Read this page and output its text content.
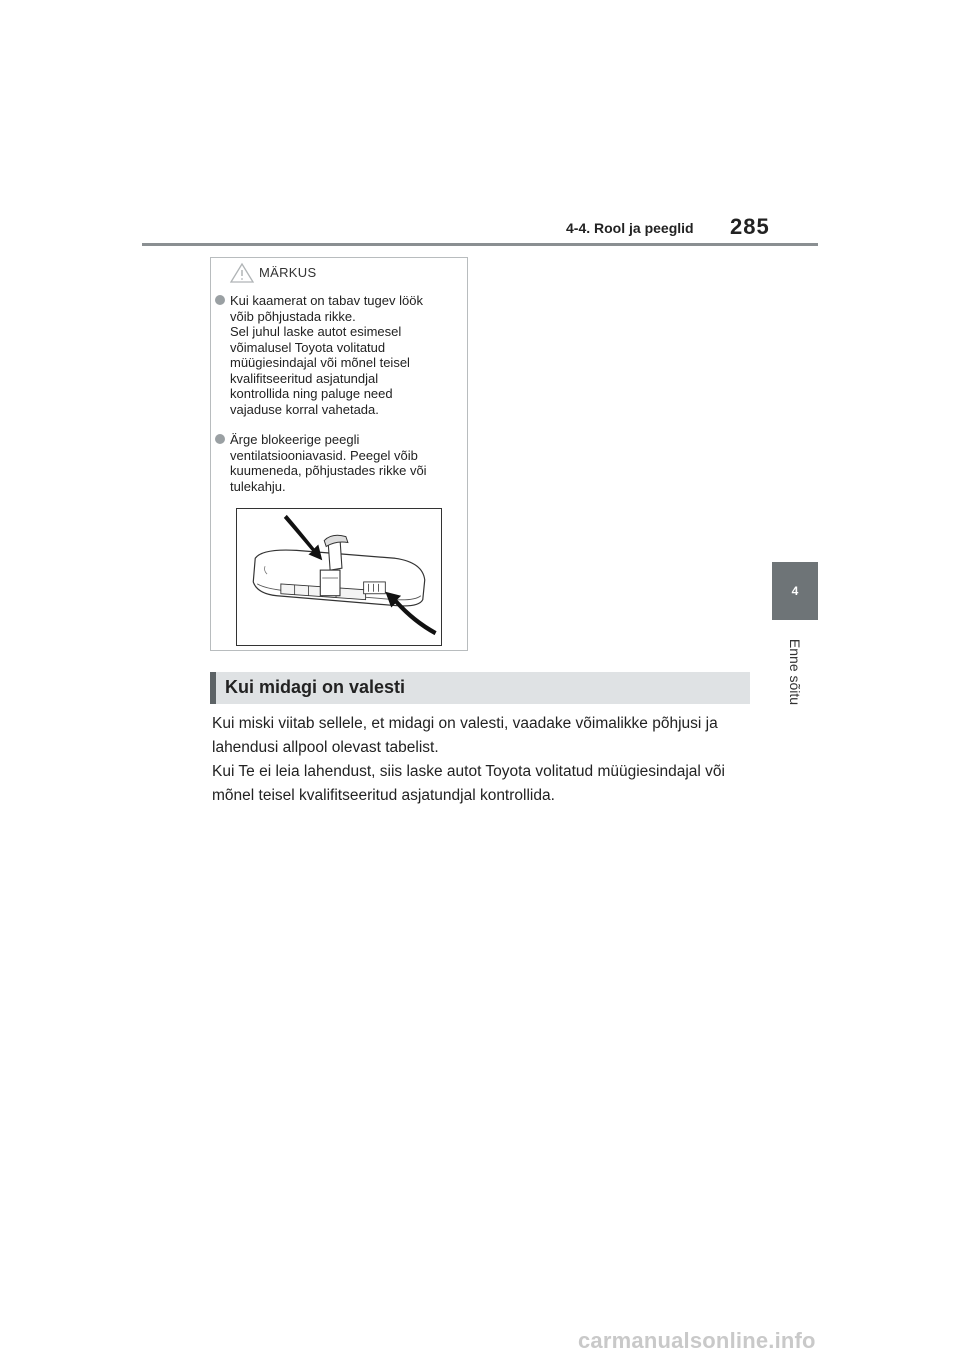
4-4. Rool ja peeglid 285
4
Enne sõitu
MÄRKUS
Kui kaamerat on tabav tugev löök
võib põhjustada rikke.
Sel juhul laske autot esimesel
võimalusel Toyota volitatud
müügiesindajal või mõnel teisel
kvalifitseeritud asjatundjal
kontrollida ning paluge need
vajaduse korral vahetada.
Ärge blokeerige peegli
ventilatsiooniavasid. Peegel võib
kuumeneda, põhjustades rikke või
tulekahju.
Kui midagi on valesti
Kui miski viitab sellele, et midagi on valesti, vaadake võimalikke põhjusi ja
lahendusi allpool olevast tabelist.
Kui Te ei leia lahendust, siis laske autot Toyota volitatud müügiesindajal või
mõnel teisel kvalifitseeritud asjatundjal kontrollida.
carmanualsonline.info
